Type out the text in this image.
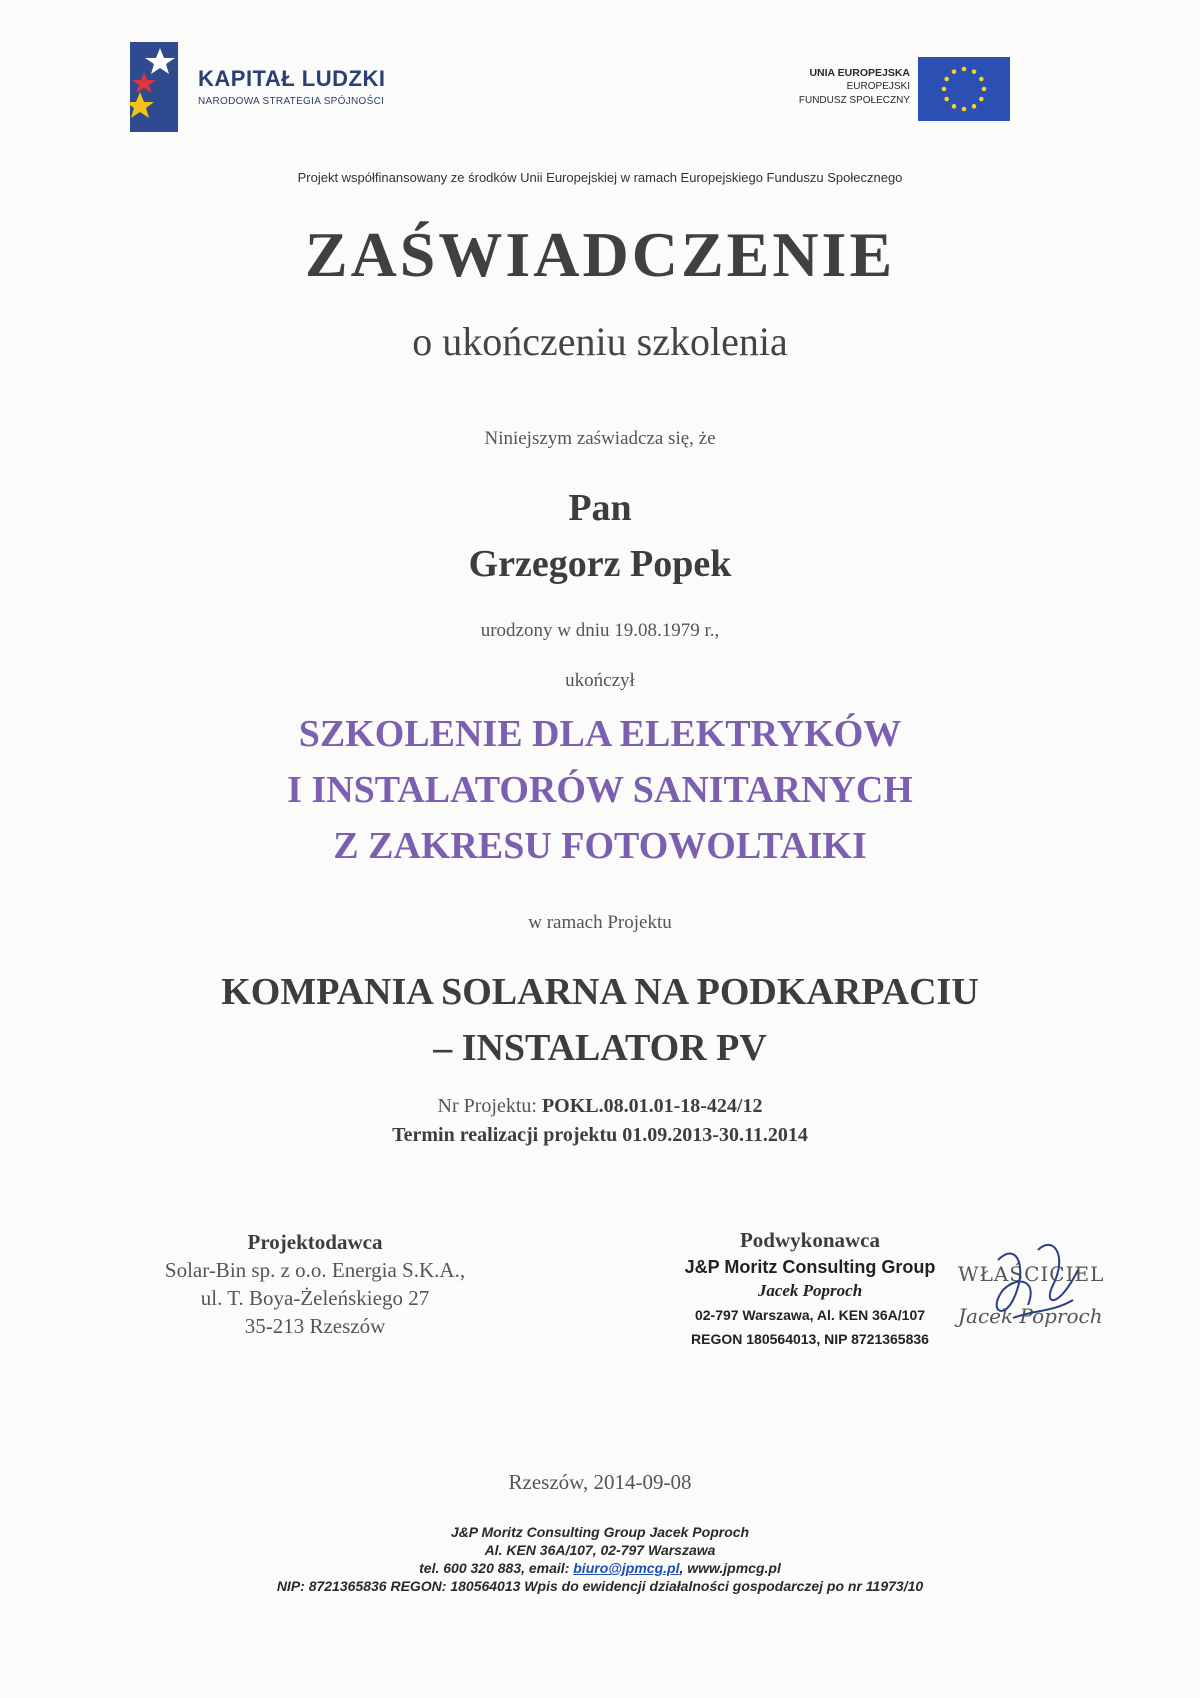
KAPITAŁ LUDZKI
NARODOWA STRATEGIA SPÓJNOŚCI
UNIA EUROPEJSKA
EUROPEJSKI
FUNDUSZ SPOŁECZNY
Projekt współfinansowany ze środków Unii Europejskiej w ramach Europejskiego Funduszu Społecznego
ZAŚWIADCZENIE
o ukończeniu szkolenia
Niniejszym zaświadcza się, że
Pan
Grzegorz Popek
urodzony w dniu 19.08.1979 r.,
ukończył
SZKOLENIE DLA ELEKTRYKÓW
I INSTALATORÓW SANITARNYCH
Z ZAKRESU FOTOWOLTAIKI
w ramach Projektu
KOMPANIA SOLARNA NA PODKARPACIU
– INSTALATOR PV
Nr Projektu: POKL.08.01.01-18-424/12
Termin realizacji projektu 01.09.2013-30.11.2014
Projektodawca
Solar-Bin sp. z o.o. Energia S.K.A.,
ul. T. Boya-Żeleńskiego 27
35-213 Rzeszów
Podwykonawca
J&P Moritz Consulting Group
Jacek Poproch
02-797 Warszawa, Al. KEN 36A/107
REGON 180564013, NIP 8721365836
WŁAŚCICIEL
Jacek Poproch
Rzeszów, 2014-09-08
J&P Moritz Consulting Group Jacek Poproch
Al. KEN 36A/107, 02-797 Warszawa
tel. 600 320 883, email: biuro@jpmcg.pl, www.jpmcg.pl
NIP: 8721365836 REGON: 180564013 Wpis do ewidencji działalności gospodarczej po nr 11973/10
